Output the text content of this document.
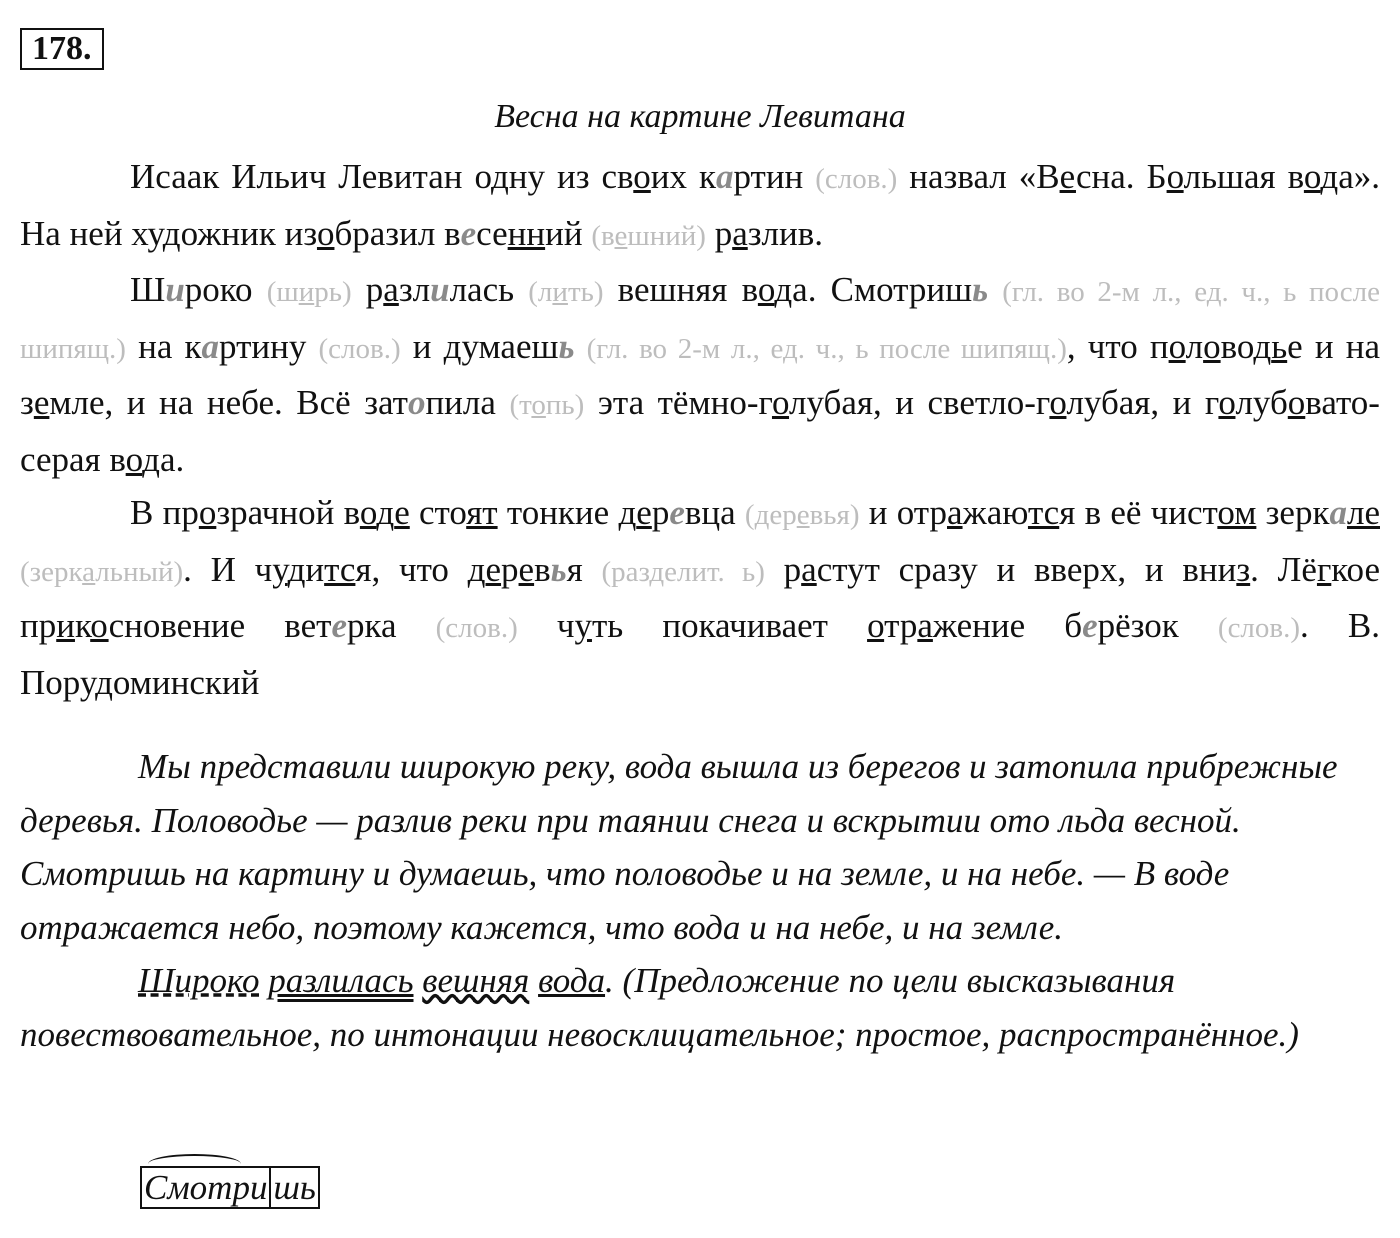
178.
Весна на картине Левитана

Исаак Ильич Левитан одну из своих картин (слов.) назвал «Весна. Большая вода». На ней художник изобразил весенний (вешний) разлив.

Широко (ширь) разлилась (лить) вешняя вода. Смотришь (гл. во 2-м л., ед. ч., ь после шипящ.) на картину (слов.) и думаешь (гл. во 2-м л., ед. ч., ь после шипящ.), что половодье и на земле, и на небе. Всё затопила (топь) эта тёмно-голубая, и светло-голубая, и голубовато-серая вода.

В прозрачной воде стоят тонкие деревца (деревья) и отражаются в её чистом зеркале (зеркальный). И чудится, что деревья (разделит. ь) растут сразу и вверх, и вниз. Лёгкое прикосновение ветерка (слов.) чуть покачивает отражение берёзок (слов.). В. Порудоминский

Мы представили широкую реку, вода вышла из берегов и затопила прибрежные деревья. Половодье — разлив реки при таянии снега и вскрытии ото льда весной. Смотришь на картину и думаешь, что половодье и на земле, и на небе. — В воде отражается небо, поэтому кажется, что вода и на небе, и на земле.

Широко разлилась вешняя вода. (Предложение по цели высказывания повествовательное, по интонации невосклицательное; простое, распространённое.)

Смотри шь
